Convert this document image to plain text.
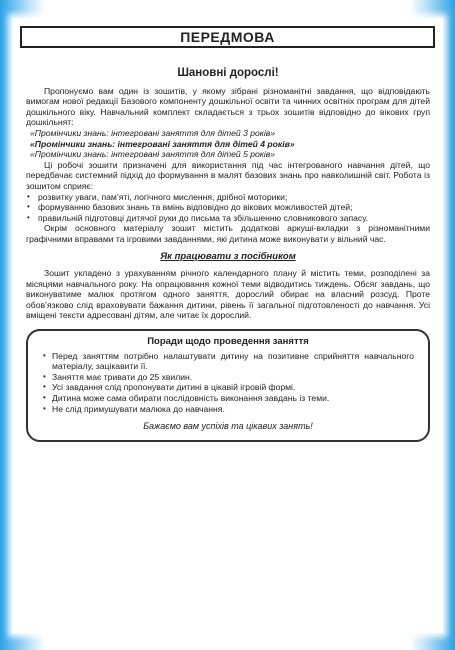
ПЕРЕДМОВА
Шановні дорослі!

Пропонуємо вам один із зошитів, у якому зібрані різноманітні завдання, що відповідають вимогам нової редакції Базового компоненту дошкільної освіти та чинних освітніх програм для дітей дошкільного віку. Навчальний комплект складається з трьох зошитів відповідно до вікових груп дошкільнят:

«Промінчики знань: інтегровані заняття для дітей 3 років»

«Промінчики знань: інтегровані заняття для дітей 4 років»

«Промінчики знань: інтегровані заняття для дітей 5 років»

Ці робочі зошити призначені для використання під час інтегрованого навчання дітей, що передбачає системний підхід до формування в малят базових знань про навколишній світ. Робота із зошитом сприяє:

• розвитку уваги, пам’яті, логічного мислення, дрібної моторики;
• формуванню базових знань та вмінь відповідно до вікових можливостей дітей;
• правильній підготовці дитячої руки до письма та збільшенню словникового запасу.

Окрім основного матеріалу зошит містить додаткові аркуші-вкладки з різноманітними графічними вправами та ігровими завданнями, які дитина може виконувати у вільний час.

Як працювати з посібником

Зошит укладено з урахуванням річного календарного плану й містить теми, розподілені за місяцями навчального року. На опрацювання кожної теми відводитись тиждень. Обсяг завдань, що виконуватиме малюк протягом одного заняття, дорослий обирає на власний розсуд. Проте обов’язково слід враховувати бажання дитини, рівень її загальної підготовленості до навчання. Усі вміщені тексти адресовані дітям, але читає їх дорослий.

Поради щодо проведення заняття
• Перед заняттям потрібно налаштувати дитину на позитивне сприйняття навчального матеріалу, зацікавити її.
• Заняття має тривати до 25 хвилин.
• Усі завдання слід пропонувати дитині в цікавій ігровій формі.
• Дитина може сама обирати послідовність виконання завдань із теми.
• Не слід примушувати малюка до навчання.
Бажаємо вам успіхів та цікавих занять!
